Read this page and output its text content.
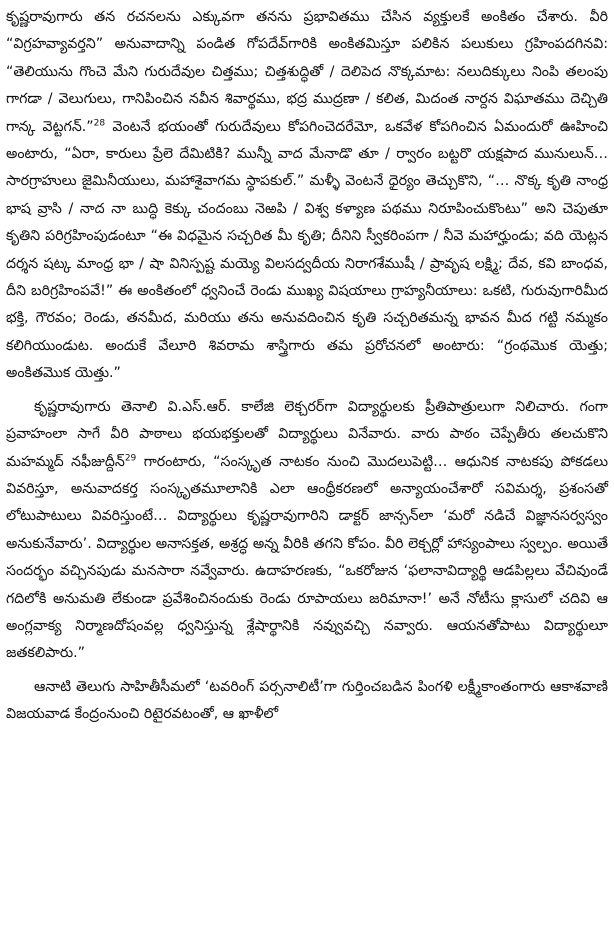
కృష్ణరావుగారు తన రచనలను ఎక్కువగా తనను ప్రభావితము చేసిన వ్యక్తులకే అంకితం చేశారు. వీరి “విగ్రహవ్యావర్తని” అనువాదాన్ని పండిత గోపదేవ్‌గారికి అంకితమిస్తూ పలికిన పలుకులు గ్రహింపదగినవి: “తెలియును గొంచె మేని గురుదేవుల చిత్తము; చిత్తశుద్ధితో / దెలిపెద నొక్కమాట: నలుదిక్కులు నింపి తలంపు గాగడా / వెలుగులు, గానిపించిన నవీన శివార్థము, భద్ర ముద్రణా / కలిత, మిదంత నార్దన విఘాతము దెచ్చితి గాన్క వెట్టగన్.”$^{28}$ వెంటనే భయంతో గురుదేవులు కోపగించెదరేమో, ఒకవేళ కోపగించిన ఏమందురో ఊహించి అంటారు, “ఏరా, కారులు ప్రేలె దేమిటికి? మున్నీ వాద మేనాడొ తూ / ర్వారం బట్టరొ యక్షపాద మునులున్… సారగ్రాహులు జైమినీయులు, మహాశైవాగమ స్థాపకుల్.” మళ్ళీ వెంటనే ధైర్యం తెచ్చుకొని, “… నొక్క కృతి నాంధ్ర భాష వ్రాసి / నాద నా బుద్ధి కెక్కు చందంబు నెఱపి / విశ్వ కళ్యాణ పథము నిరూపించుకొంటు” అని చెపుతూ కృతిని పరిగ్రహింపుడంటూ “ఈ విధమైన సచ్చరిత మీ కృతి; దీనిని స్వీకరింపగా / నీవె మహార్హుండు; వది యెట్లన దర్శన షట్క మాంధ్ర భా / షా వినిస్పష్ట మయ్యె విలసద్వదీయ నిరాగశేముషీ / ప్రావృష లక్ష్మి; దేవ, కవి బాంధవ, దీని బరిగ్రహింపవే!” ఈ అంకితంలో ధ్వనించే రెండు ముఖ్య విషయాలు గ్రాహ్యనీయాలు: ఒకటి, గురువుగారిమీద భక్తి, గౌరవం; రెండు, తనమీద, మరియు తను అనువదించిన కృతి సచ్చరితమన్న భావన మీద గట్టి నమ్మకం కలిగియుండుట. అందుకే వేలూరి శివరామ శాస్త్రిగారు తమ ప్రరోచనలో అంటారు: “గ్రంథమొక యెత్తు; అంకితమొక యెత్తు.”

కృష్ణరావుగారు తెనాలి వి.ఎస్.ఆర్. కాలేజి లెక్చరర్‌గా విద్యార్థులకు ప్రీతిపాత్రులుగా నిలిచారు. గంగా ప్రవాహంలా సాగే వీరి పాఠాలు భయభక్తులతో విద్యార్థులు వినేవారు. వారు పాఠం చెప్పేతీరు తలచుకొని మహమ్మద్ నఫీజుద్దీన్$^{29}$ గారంటారు, “సంస్కృత నాటకం నుంచి మొదలుపెట్టి… ఆధునిక నాటకపు పోకడలు వివరిస్తూ, అనువాదకర్త సంస్కృతమూలానికి ఎలా ఆంధ్రీకరణలో అన్యాయంచేశారో సవిమర్శ, ప్రశంసతో లోటుపాటులు వివరిస్తుంటే… విద్యార్థులు కృష్ణరావుగారిని డాక్టర్ జాన్సన్‌లా ‘మరో నడిచే విజ్ఞానసర్వస్వం అనుకునేవారు’. విద్యార్థుల అనాసక్తత, అశ్రద్ధ అన్న వీరికి తగని కోపం. వీరి లెక్చర్లో హాస్యంపాలు స్వల్పం. అయితే సందర్భం వచ్చినపుడు మనసారా నవ్వేవారు. ఉదాహరణకు, “ఒకరోజున ‘ఫలానావిద్యార్థి ఆడపిల్లలు వేచివుండే గదిలోకి అనుమతి లేకుండా ప్రవేశించినందుకు రెండు రూపాయలు జరిమానా!’ అనే నోటీసు క్లాసులో చదివి ఆ అంగ్లవాక్య నిర్మాణదోషంవల్ల ధ్వనిస్తున్న శ్లేషార్థానికి నవ్వువచ్చి నవ్వారు. ఆయనతోపాటు విద్యార్థులూ జతకలిపారు.”

ఆనాటి తెలుగు సాహితీసీమలో ‘టవరింగ్ పర్సనాలిటీ’గా గుర్తించబడిన పింగళి లక్ష్మీకాంతంగారు ఆకాశవాణి విజయవాడ కేంద్రంనుంచి రిటైరవటంతో, ఆ ఖాళీలో
